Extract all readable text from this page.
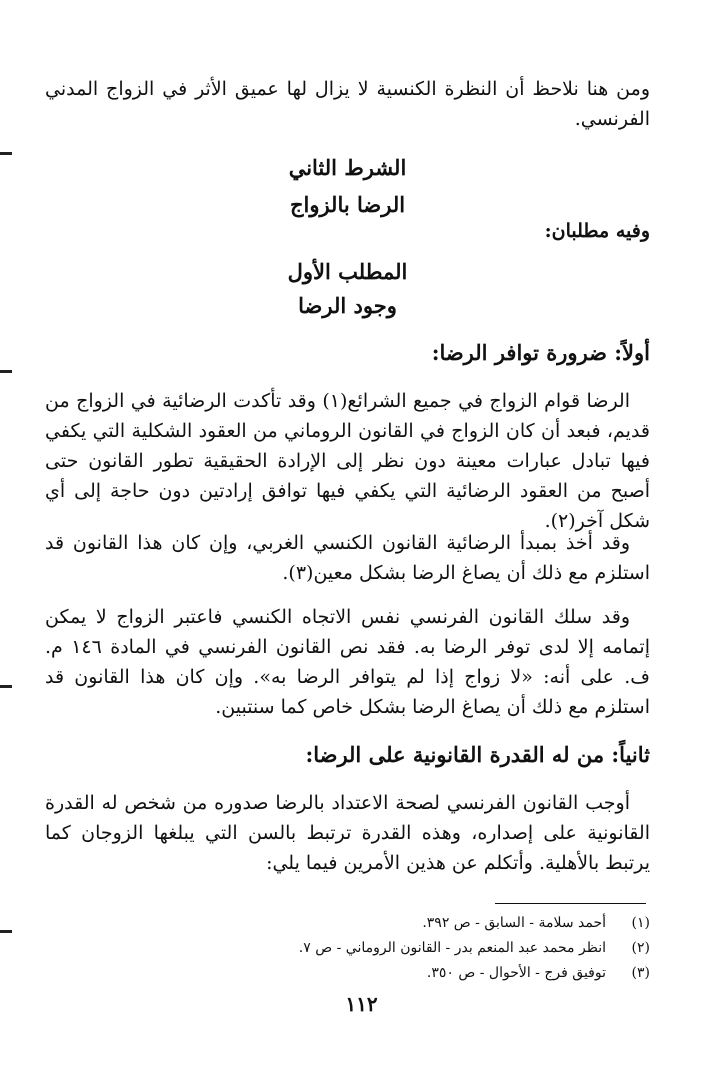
ومن هنا نلاحظ أن النظرة الكنسية لا يزال لها عميق الأثر في الزواج المدني الفرنسي.

الشرط الثاني
الرضا بالزواج
وفيه مطلبان:
المطلب الأول
وجود الرضا
أولاً: ضرورة توافر الرضا:

الرضا قوام الزواج في جميع الشرائع(١) وقد تأكدت الرضائية في الزواج من قديم، فبعد أن كان الزواج في القانون الروماني من العقود الشكلية التي يكفي فيها تبادل عبارات معينة دون نظر إلى الإرادة الحقيقية تطور القانون حتى أصبح من العقود الرضائية التي يكفي فيها توافق إرادتين دون حاجة إلى أي شكل آخر(٢).

وقد أخذ بمبدأ الرضائية القانون الكنسي الغربي، وإن كان هذا القانون قد استلزم مع ذلك أن يصاغ الرضا بشكل معين(٣).

وقد سلك القانون الفرنسي نفس الاتجاه الكنسي فاعتبر الزواج لا يمكن إتمامه إلا لدى توفر الرضا به. فقد نص القانون الفرنسي في المادة ١٤٦ م. ف. على أنه: «لا زواج إذا لم يتوافر الرضا به». وإن كان هذا القانون قد استلزم مع ذلك أن يصاغ الرضا بشكل خاص كما سنتبين.

ثانياً: من له القدرة القانونية على الرضا:

أوجب القانون الفرنسي لصحة الاعتداد بالرضا صدوره من شخص له القدرة القانونية على إصداره، وهذه القدرة ترتبط بالسن التي يبلغها الزوجان كما يرتبط بالأهلية. وأتكلم عن هذين الأمرين فيما يلي:

(١)
أحمد سلامة - السابق - ص ٣٩٢.
(٢)
انظر محمد عبد المنعم بدر - القانون الروماني - ص ٧.
(٣)
توفيق فرج - الأحوال - ص ٣٥٠.
١١٢
